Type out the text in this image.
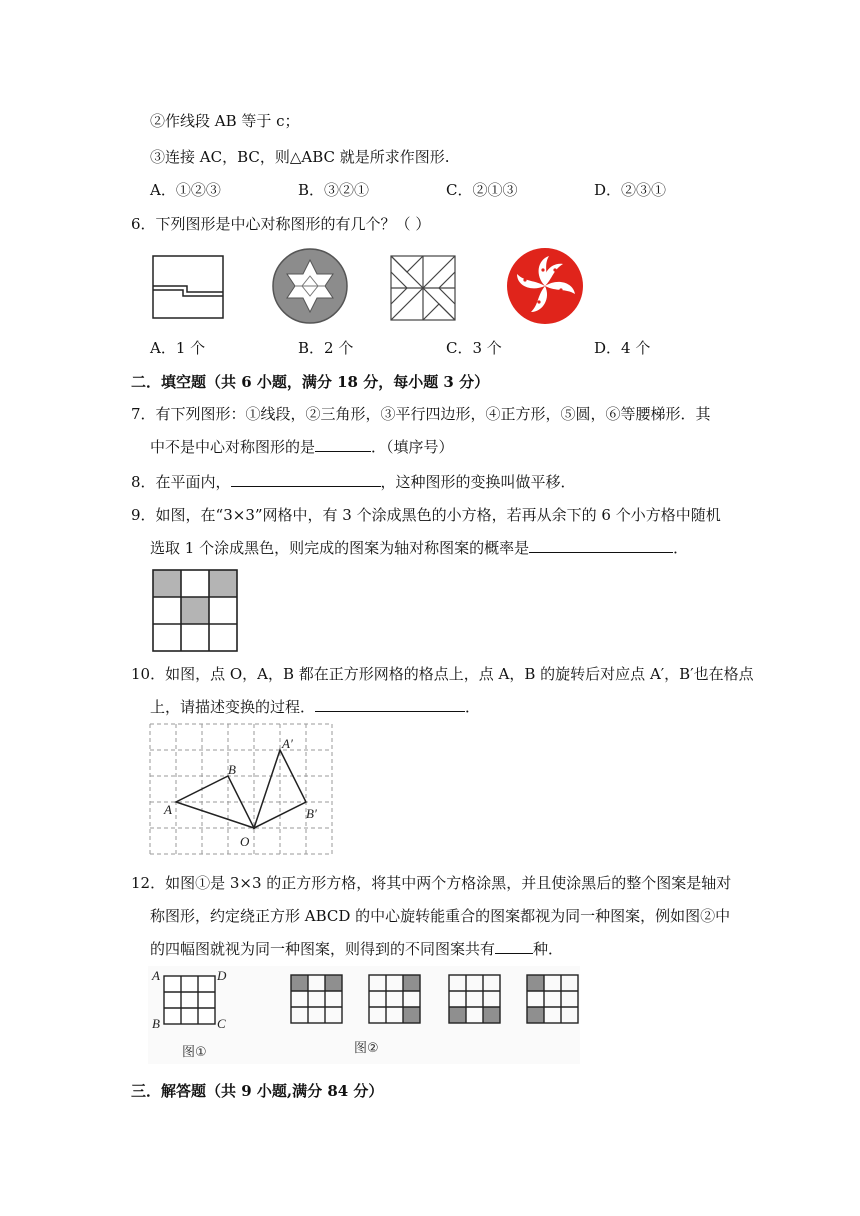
②作线段 AB 等于 c；
③连接 AC，BC，则△ABC 就是所求作图形.
A．①②③	B．③②①	C．②①③	D．②③①
6．下列图形是中心对称图形的有几个？（ ）
A．1 个	B．2 个	C．3 个	D．4 个
二．填空题（共 6 小题，满分 18 分，每小题 3 分）
7．有下列图形：①线段，②三角形，③平行四边形，④正方形，⑤圆，⑥等腰梯形．其
中不是中心对称图形的是	．（填序号）
8．在平面内，	，这种图形的变换叫做平移．
9．如图，在“3×3”网格中，有 3 个涂成黑色的小方格，若再从余下的 6 个小方格中随机
选取 1 个涂成黑色，则完成的图案为轴对称图案的概率是	．
10．如图，点 O，A，B 都在正方形网格的格点上，点 A，B 的旋转后对应点 A′，B′也在格点
上，请描述变换的过程．	．
A
B
O
A′
B′
12．如图①是 3×3 的正方形方格，将其中两个方格涂黑，并且使涂黑后的整个图案是轴对
称图形，约定绕正方形 ABCD 的中心旋转能重合的图案都视为同一种图案，例如图②中
的四幅图就视为同一种图案，则得到的不同图案共有	种．
A	D
B	C
图①	图②
三．解答题（共 9 小题,满分 84 分）
